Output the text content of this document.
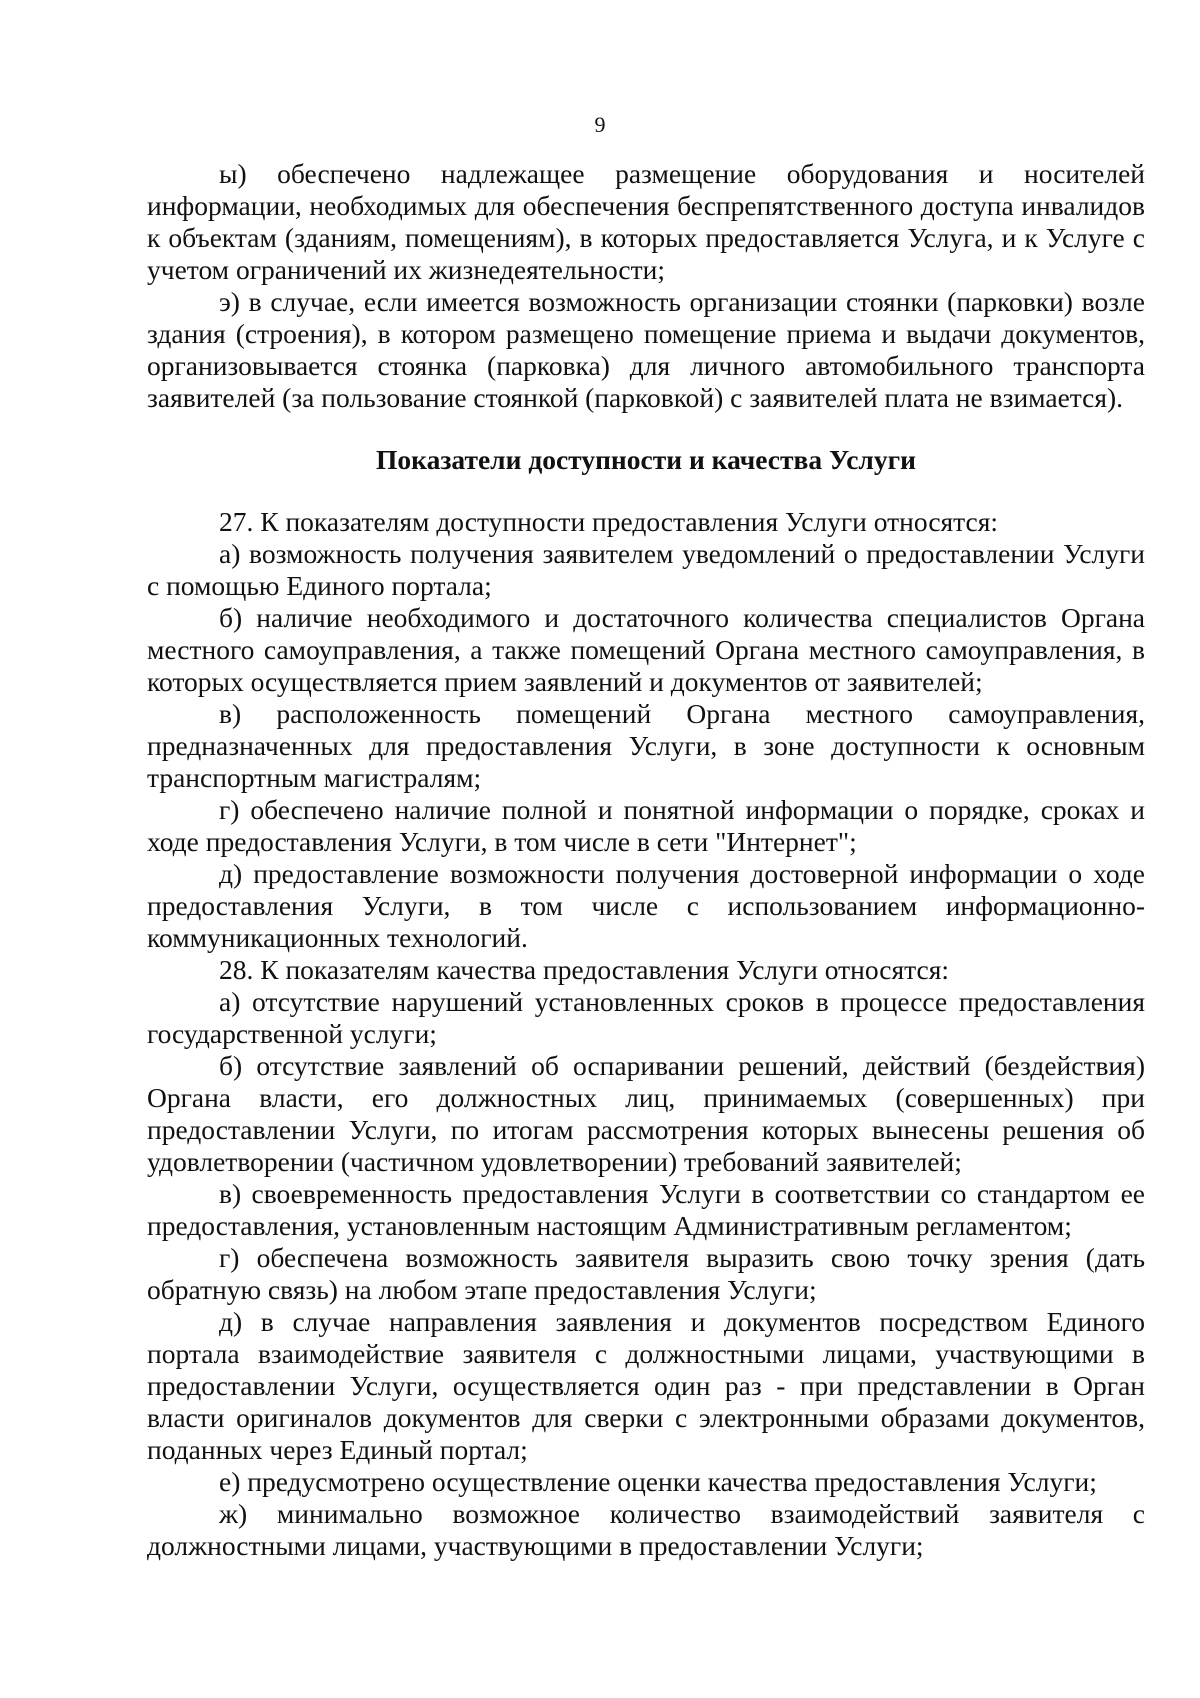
9

ы) обеспечено надлежащее размещение оборудования и носителей информации, необходимых для обеспечения беспрепятственного доступа инвалидов к объектам (зданиям, помещениям), в которых предоставляется Услуга, и к Услуге с учетом ограничений их жизнедеятельности;

э) в случае, если имеется возможность организации стоянки (парковки) возле здания (строения), в котором размещено помещение приема и выдачи документов, организовывается стоянка (парковка) для личного автомобильного транспорта заявителей (за пользование стоянкой (парковкой) с заявителей плата не взимается).

Показатели доступности и качества Услуги

27. К показателям доступности предоставления Услуги относятся:

а) возможность получения заявителем уведомлений о предоставлении Услуги с помощью Единого портала;

б) наличие необходимого и достаточного количества специалистов Органа местного самоуправления, а также помещений Органа местного самоуправления, в которых осуществляется прием заявлений и документов от заявителей;

в) расположенность помещений Органа местного самоуправления, предназначенных для предоставления Услуги, в зоне доступности к основным транспортным магистралям;

г) обеспечено наличие полной и понятной информации о порядке, сроках и ходе предоставления Услуги, в том числе в сети "Интернет";

д) предоставление возможности получения достоверной информации о ходе предоставления Услуги, в том числе с использованием информационно-коммуникационных технологий.

28. К показателям качества предоставления Услуги относятся:

а) отсутствие нарушений установленных сроков в процессе предоставления государственной услуги;

б) отсутствие заявлений об оспаривании решений, действий (бездействия) Органа власти, его должностных лиц, принимаемых (совершенных) при предоставлении Услуги, по итогам рассмотрения которых вынесены решения об удовлетворении (частичном удовлетворении) требований заявителей;

в) своевременность предоставления Услуги в соответствии со стандартом ее предоставления, установленным настоящим Административным регламентом;

г) обеспечена возможность заявителя выразить свою точку зрения (дать обратную связь) на любом этапе предоставления Услуги;

д) в случае направления заявления и документов посредством Единого портала взаимодействие заявителя с должностными лицами, участвующими в предоставлении Услуги, осуществляется один раз - при представлении в Орган власти оригиналов документов для сверки с электронными образами документов, поданных через Единый портал;

е) предусмотрено осуществление оценки качества предоставления Услуги;

ж) минимально возможное количество взаимодействий заявителя с должностными лицами, участвующими в предоставлении Услуги;
